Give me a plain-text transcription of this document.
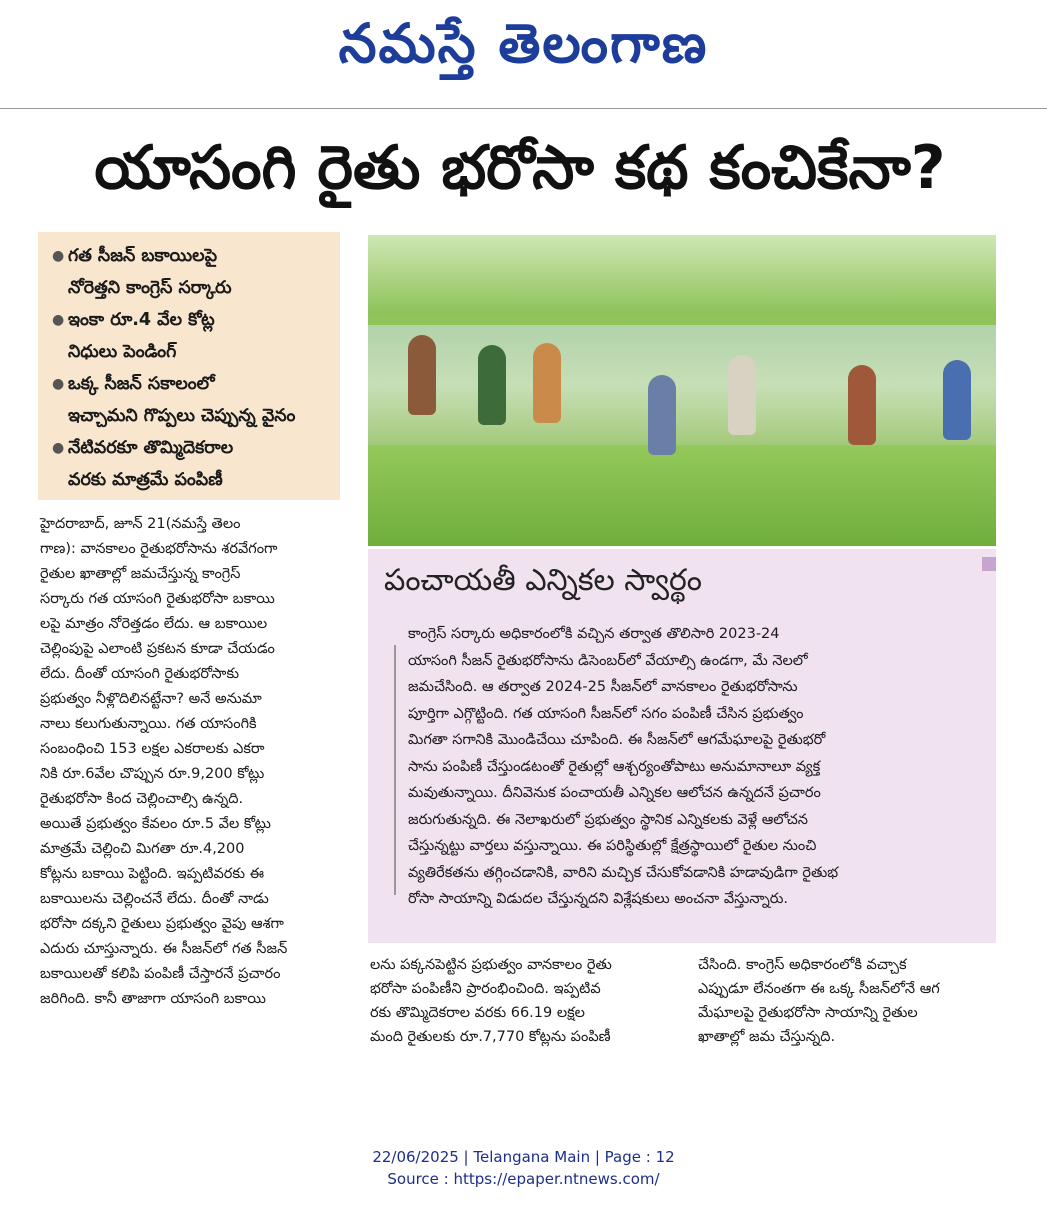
నమస్తే తెలంగాణ
యాసంగి రైతు భరోసా కథ కంచికేనా?
● గత సీజన్ బకాయిలపై
నోరెత్తని కాంగ్రెస్ సర్కారు
● ఇంకా రూ.4 వేల కోట్ల
నిధులు పెండింగ్
● ఒక్క సీజన్ సకాలంలో
ఇచ్చామని గొప్పలు చెప్పున్న వైనం
● నేటివరకూ తొమ్మిదెకరాల
వరకు మాత్రమే పంపిణీ
హైదరాబాద్, జూన్ 21(నమస్తే తెలం
గాణ): వానకాలం రైతుభరోసాను శరవేగంగా
రైతుల ఖాతాల్లో జమచేస్తున్న కాంగ్రెస్
సర్కారు గత యాసంగి రైతుభరోసా బకాయి
లపై మాత్రం నోరెత్తడం లేదు. ఆ బకాయిల
చెల్లింపుపై ఎలాంటి ప్రకటన కూడా చేయడం
లేదు. దీంతో యాసంగి రైతుభరోసాకు
ప్రభుత్వం నీళ్లొదిలినట్టేనా? అనే అనుమా
నాలు కలుగుతున్నాయి. గత యాసంగికి
సంబంధించి 153 లక్షల ఎకరాలకు ఎకరా
నికి రూ.6వేల చొప్పున రూ.9,200 కోట్లు
రైతుభరోసా కింద చెల్లించాల్సి ఉన్నది.
అయితే ప్రభుత్వం కేవలం రూ.5 వేల కోట్లు
మాత్రమే చెల్లించి మిగతా రూ.4,200
కోట్లను బకాయి పెట్టింది. ఇప్పటివరకు ఈ
బకాయిలను చెల్లించనే లేదు. దీంతో నాడు
భరోసా దక్కని రైతులు ప్రభుత్వం వైపు ఆశగా
ఎదురు చూస్తున్నారు. ఈ సీజన్‌లో గత సీజన్
బకాయిలతో కలిపి పంపిణీ చేస్తారనే ప్రచారం
జరిగింది. కానీ తాజాగా యాసంగి బకాయి
పంచాయతీ ఎన్నికల స్వార్థం
కాంగ్రెస్ సర్కారు అధికారంలోకి వచ్చిన తర్వాత తొలిసారి 2023-24
యాసంగి సీజన్ రైతుభరోసాను డిసెంబర్‌లో వేయాల్సి ఉండగా, మే నెలలో
జమచేసింది. ఆ తర్వాత 2024-25 సీజన్‌లో వానకాలం రైతుభరోసాను
పూర్తిగా ఎగ్గొట్టింది. గత యాసంగి సీజన్‌లో సగం పంపిణీ చేసిన ప్రభుత్వం
మిగతా సగానికి మొండిచేయి చూపింది. ఈ సీజన్‌లో ఆగమేఘాలపై రైతుభరో
సాను పంపిణీ చేస్తుండటంతో రైతుల్లో ఆశ్చర్యంతోపాటు అనుమానాలూ వ్యక్త
మవుతున్నాయి. దీనివెనుక పంచాయతీ ఎన్నికల ఆలోచన ఉన్నదనే ప్రచారం
జరుగుతున్నది. ఈ నెలాఖరులో ప్రభుత్వం స్థానిక ఎన్నికలకు వెళ్లే ఆలోచన
చేస్తున్నట్టు వార్తలు వస్తున్నాయి. ఈ పరిస్థితుల్లో క్షేత్రస్థాయిలో రైతుల నుంచి
వ్యతిరేకతను తగ్గించడానికి, వారిని మచ్చిక చేసుకోవడానికి హడావుడిగా రైతుభ
రోసా సాయాన్ని విడుదల చేస్తున్నదని విశ్లేషకులు అంచనా వేస్తున్నారు.
లను పక్కనపెట్టిన ప్రభుత్వం వానకాలం రైతు
భరోసా పంపిణీని ప్రారంభించింది. ఇప్పటివ
రకు తొమ్మిదెకరాల వరకు 66.19 లక్షల
మంది రైతులకు రూ.7,770 కోట్లను పంపిణీ
చేసింది. కాంగ్రెస్ అధికారంలోకి వచ్చాక
ఎప్పుడూ లేనంతగా ఈ ఒక్క సీజన్‌లోనే ఆగ
మేఘాలపై రైతుభరోసా సాయాన్ని రైతుల
ఖాతాల్లో జమ చేస్తున్నది.
22/06/2025 | Telangana Main | Page : 12
Source : https://epaper.ntnews.com/
